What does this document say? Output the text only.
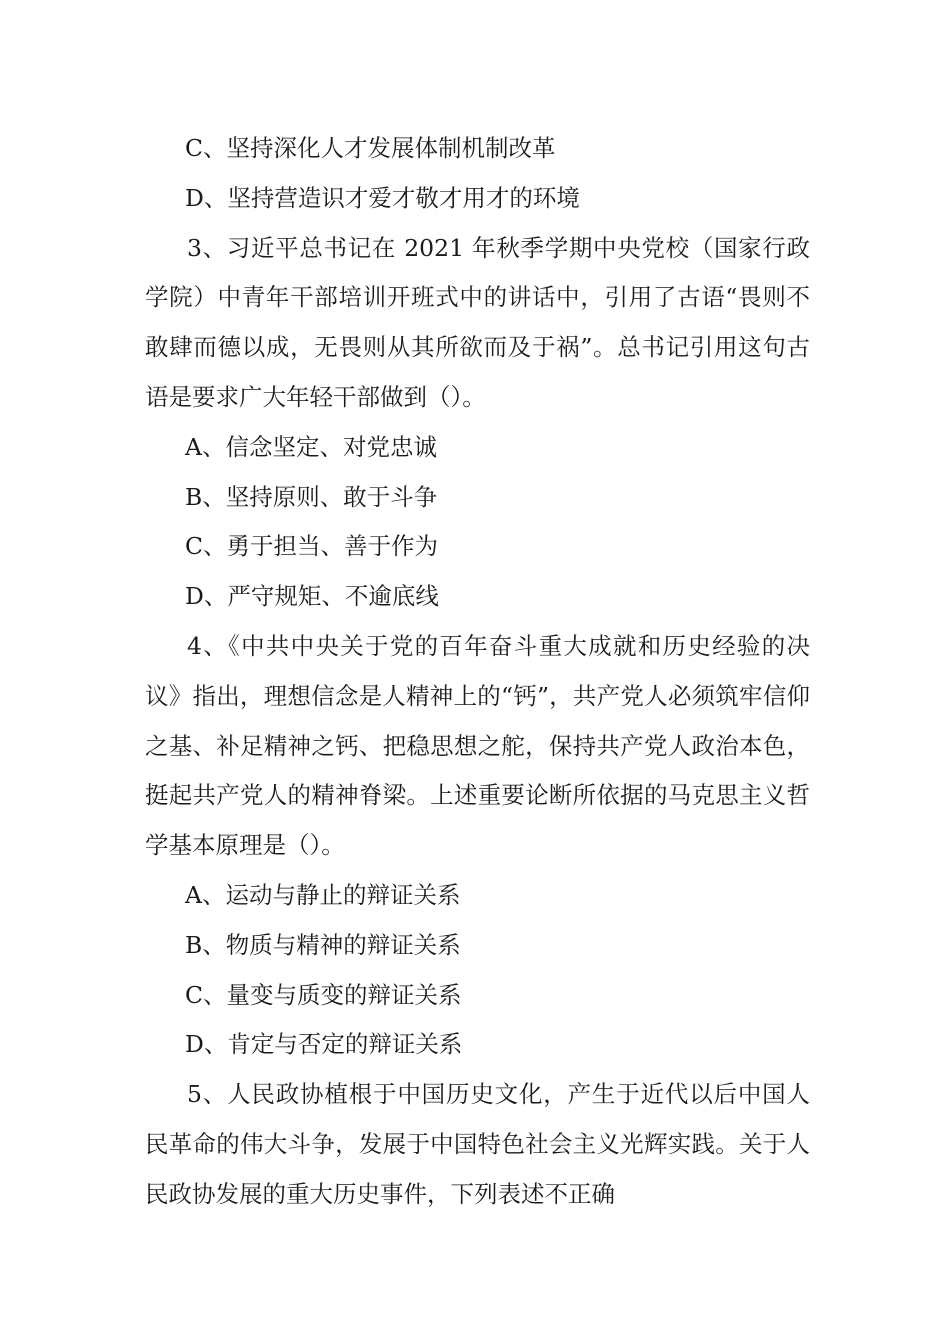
C、坚持深化人才发展体制机制改革

D、坚持营造识才爱才敬才用才的环境

3、习近平总书记在 2021 年秋季学期中央党校（国家行政学院）中青年干部培训开班式中的讲话中，引用了古语“畏则不敢肆而德以成，无畏则从其所欲而及于祸”。总书记引用这句古语是要求广大年轻干部做到（）。

A、信念坚定、对党忠诚

B、坚持原则、敢于斗争

C、勇于担当、善于作为

D、严守规矩、不逾底线

4、《中共中央关于党的百年奋斗重大成就和历史经验的决议》指出，理想信念是人精神上的“钙”，共产党人必须筑牢信仰之基、补足精神之钙、把稳思想之舵，保持共产党人政治本色，挺起共产党人的精神脊梁。上述重要论断所依据的马克思主义哲学基本原理是（）。

A、运动与静止的辩证关系

B、物质与精神的辩证关系

C、量变与质变的辩证关系

D、肯定与否定的辩证关系

5、人民政协植根于中国历史文化，产生于近代以后中国人民革命的伟大斗争，发展于中国特色社会主义光辉实践。关于人民政协发展的重大历史事件，下列表述不正确
